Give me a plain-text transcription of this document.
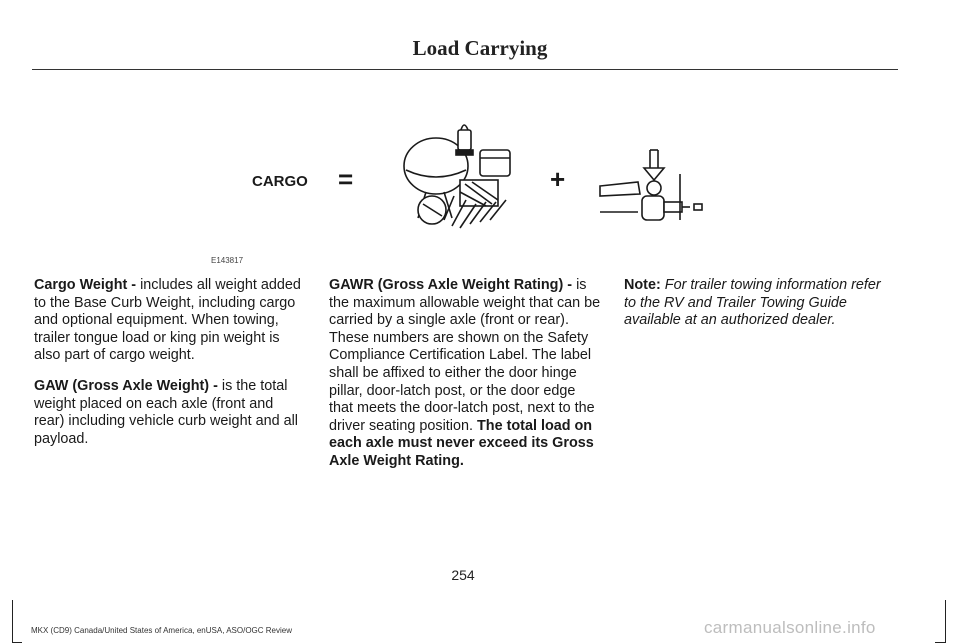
Load Carrying
CARGO =	+
E143817

Cargo Weight - includes all weight added to the Base Curb Weight, including cargo and optional equipment. When towing, trailer tongue load or king pin weight is also part of cargo weight.

GAW (Gross Axle Weight) - is the total weight placed on each axle (front and rear) including vehicle curb weight and all payload.

GAWR (Gross Axle Weight Rating) - is the maximum allowable weight that can be carried by a single axle (front or rear). These numbers are shown on the Safety Compliance Certification Label. The label shall be affixed to either the door hinge pillar, door-latch post, or the door edge that meets the door-latch post, next to the driver seating position. The total load on each axle must never exceed its Gross Axle Weight Rating.

Note: For trailer towing information refer to the RV and Trailer Towing Guide available at an authorized dealer.

254
MKX (CD9) Canada/United States of America, enUSA, ASO/OGC Review	carmanualsonline.info
